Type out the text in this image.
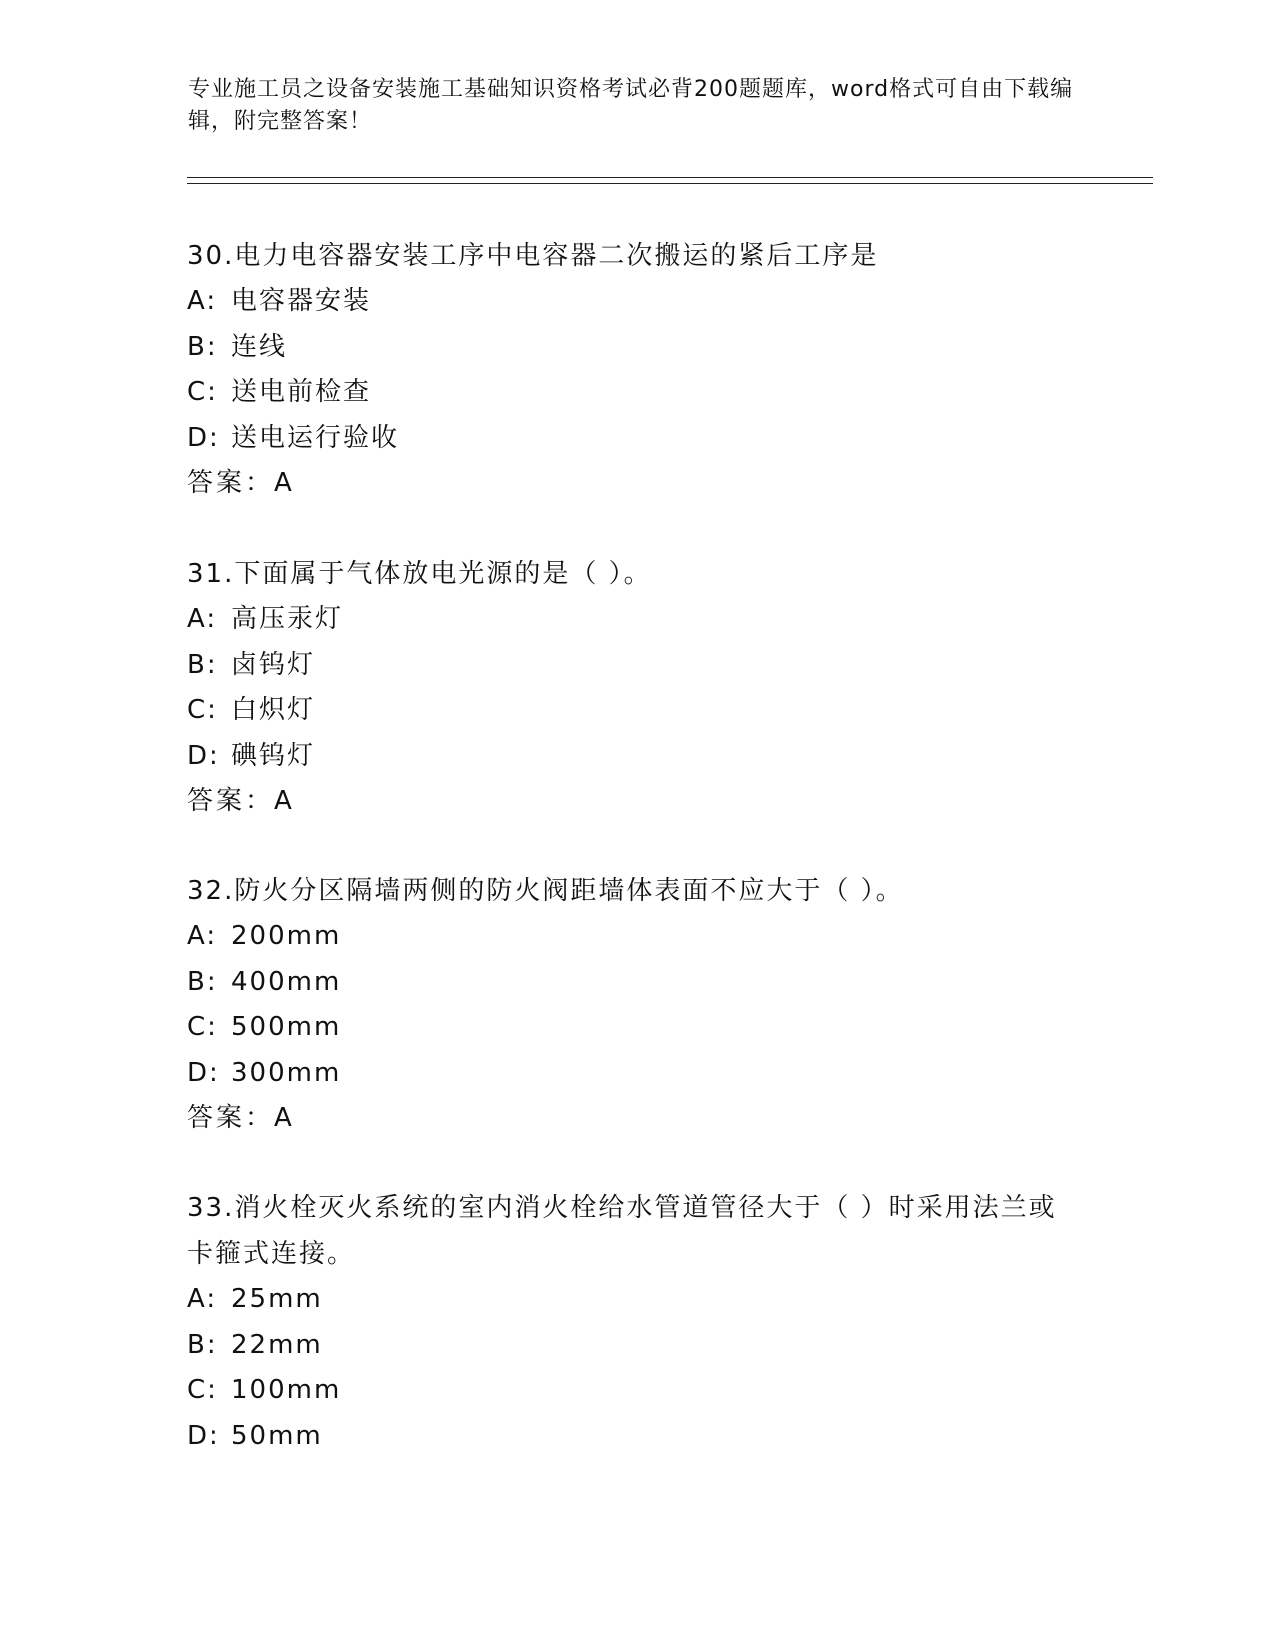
专业施工员之设备安装施工基础知识资格考试必背200题题库，word格式可自由下载编辑，附完整答案！
30.电力电容器安装工序中电容器二次搬运的紧后工序是
A: 电容器安装
B: 连线
C: 送电前检查
D: 送电运行验收
答案：A
31.下面属于气体放电光源的是（ ）。
A: 高压汞灯
B: 卤钨灯
C: 白炽灯
D: 碘钨灯
答案：A
32.防火分区隔墙两侧的防火阀距墙体表面不应大于（ ）。
A: 200mm
B: 400mm
C: 500mm
D: 300mm
答案：A
33.消火栓灭火系统的室内消火栓给水管道管径大于（ ）时采用法兰或卡箍式连接。
A: 25mm
B: 22mm
C: 100mm
D: 50mm
